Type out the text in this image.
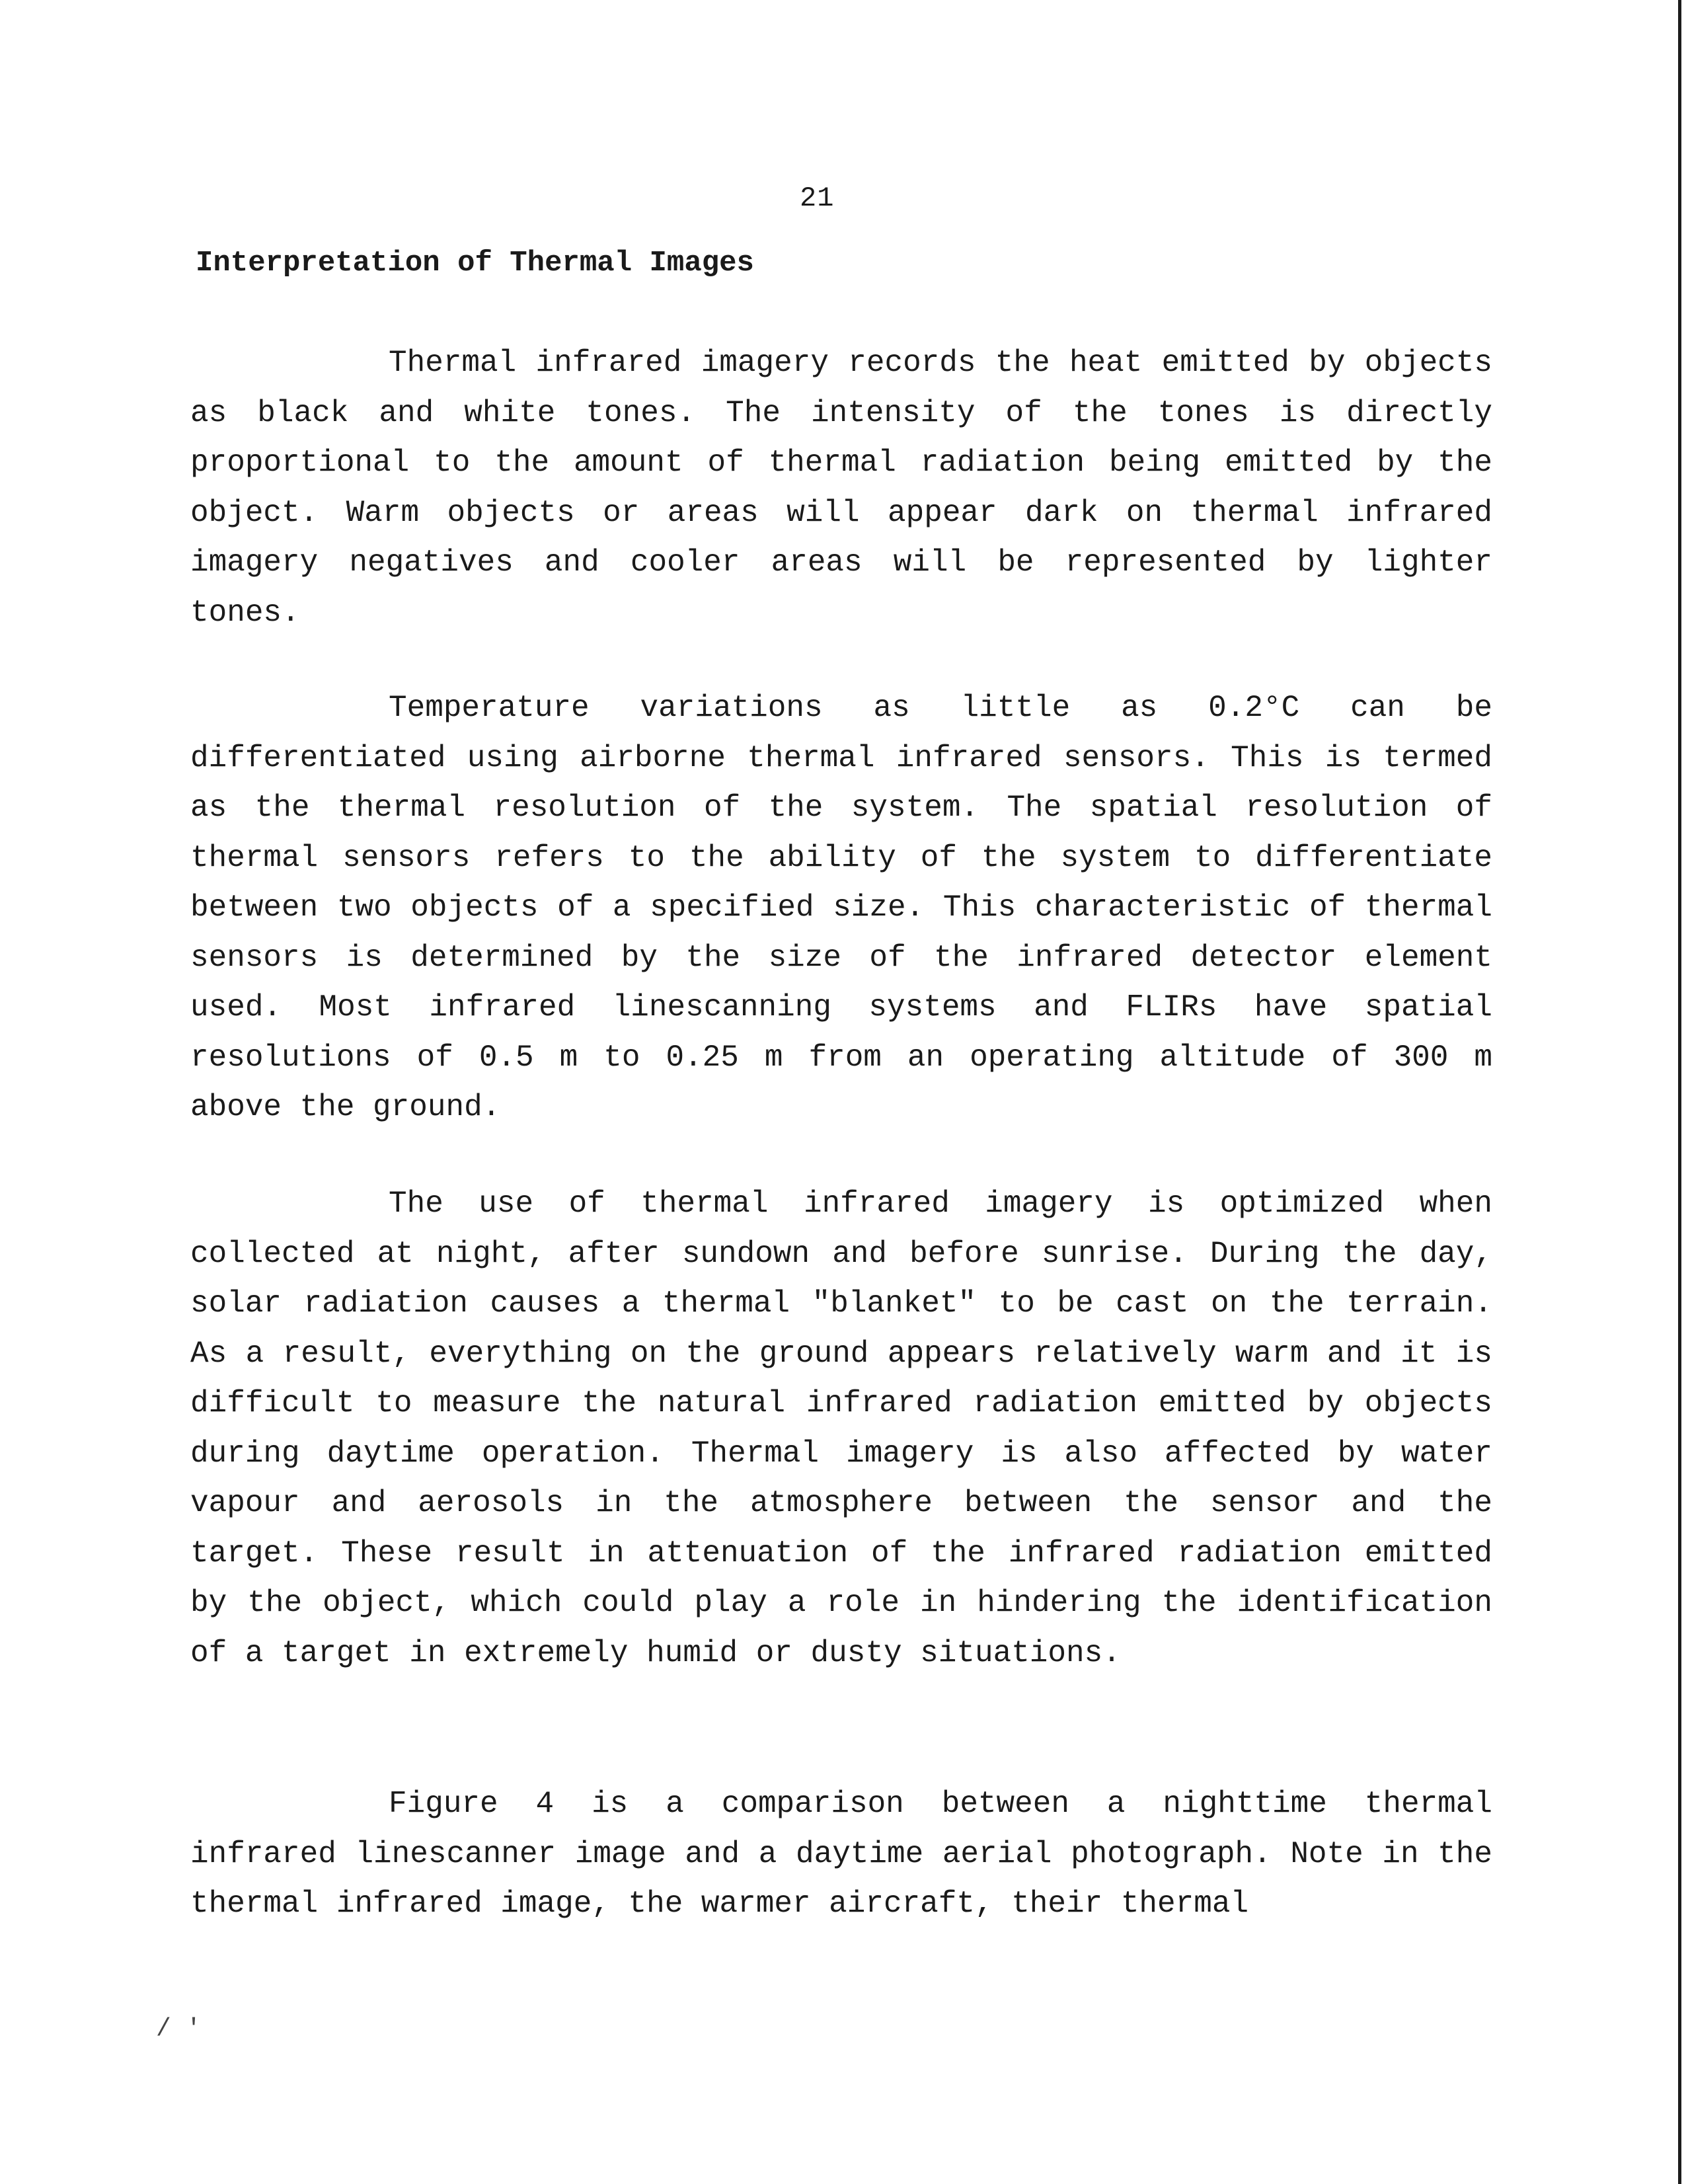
21
Interpretation of Thermal Images

Thermal infrared imagery records the heat emitted by objects as black and white tones. The intensity of the tones is directly proportional to the amount of thermal radiation being emitted by the object. Warm objects or areas will appear dark on thermal infrared imagery negatives and cooler areas will be represented by lighter tones.

Temperature variations as little as 0.2°C can be differentiated using airborne thermal infrared sensors. This is termed as the thermal resolution of the system. The spatial resolution of thermal sensors refers to the ability of the system to differentiate between two objects of a specified size. This characteristic of thermal sensors is determined by the size of the infrared detector element used. Most infrared linescanning systems and FLIRs have spatial resolutions of 0.5 m to 0.25 m from an operating altitude of 300 m above the ground.

The use of thermal infrared imagery is optimized when collected at night, after sundown and before sunrise. During the day, solar radiation causes a thermal "blanket" to be cast on the terrain. As a result, everything on the ground appears relatively warm and it is difficult to measure the natural infrared radiation emitted by objects during daytime operation. Thermal imagery is also affected by water vapour and aerosols in the atmosphere between the sensor and the target. These result in attenuation of the infrared radiation emitted by the object, which could play a role in hindering the identification of a target in extremely humid or dusty situations.

Figure 4 is a comparison between a nighttime thermal infrared linescanner image and a daytime aerial photograph. Note in the thermal infrared image, the warmer aircraft, their thermal

/ '
